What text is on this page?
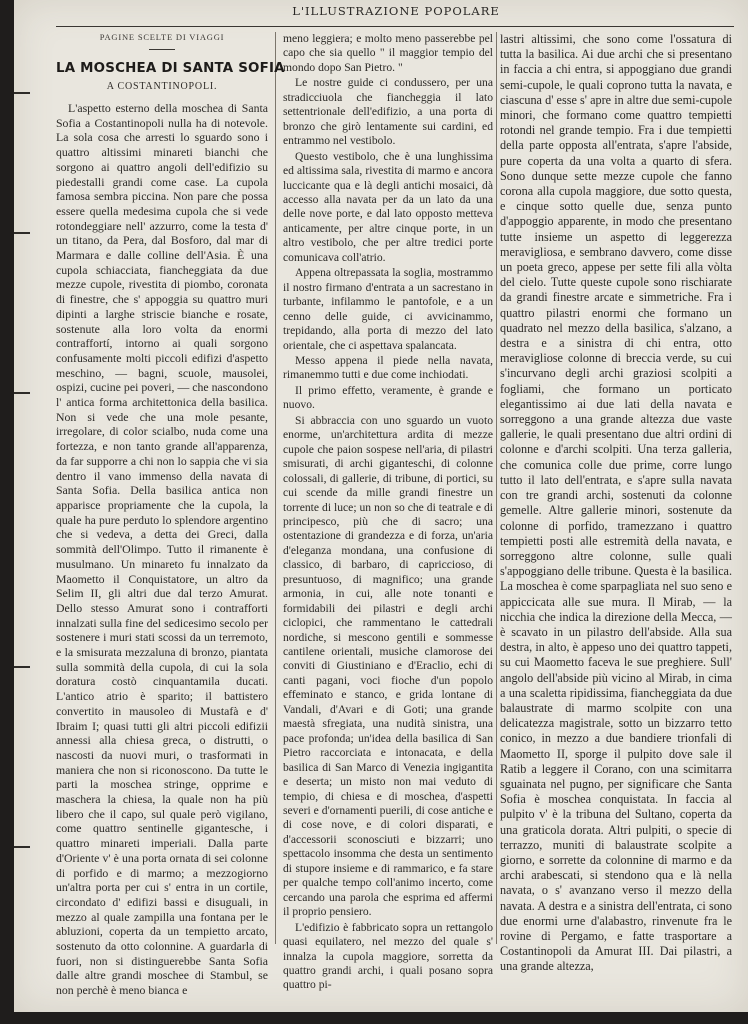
L'ILLUSTRAZIONE POPOLARE
PAGINE SCELTE DI VIAGGI
LA MOSCHEA DI SANTA SOFIA
A COSTANTINOPOLI.

L'aspetto esterno della moschea di Santa Sofia a Costantinopoli nulla ha di notevole. La sola cosa che arresti lo sguardo sono i quattro altissimi minareti bianchi che sorgono ai quattro angoli dell'edifizio su piedestalli grandi come case. La cupola famosa sembra piccina. Non pare che possa essere quella medesima cupola che si vede rotondeggiare nell' azzurro, come la testa d' un titano, da Pera, dal Bosforo, dal mar di Marmara e dalle colline dell'Asia. È una cupola schiacciata, fiancheggiata da due mezze cupole, rivestita di piombo, coronata di finestre, che s' appoggia su quattro muri dipinti a larghe striscie bianche e rosate, sostenute alla loro volta da enormi contraffortí, intorno ai quali sorgono confusamente molti piccoli edifizi d'aspetto meschino, — bagni, scuole, mausolei, ospizi, cucine pei poveri, — che nascondono l' antica forma architettonica della basilica. Non si vede che una mole pesante, irregolare, di color scialbo, nuda come una fortezza, e non tanto grande all'apparenza, da far supporre a chi non lo sappia che vi sia dentro il vano immenso della navata di Santa Sofia. Della basilica antica non apparisce propriamente che la cupola, la quale ha pure perduto lo splendore argentino che si vedeva, a detta dei Greci, dalla sommità dell'Olimpo. Tutto il rimanente è musulmano. Un minareto fu innalzato da Maometto il Conquistatore, un altro da Selim II, gli altri due dal terzo Amurat. Dello stesso Amurat sono i contrafforti innalzati sulla fine del sedicesimo secolo per sostenere i muri stati scossi da un terremoto, e la smisurata mezzaluna di bronzo, piantata sulla sommità della cupola, di cui la sola doratura costò cinquantamila ducati. L'antico atrio è sparito; il battistero convertito in mausoleo di Mustafà e d' Ibraim I; quasi tutti gli altri piccoli edifizii annessi alla chiesa greca, o distrutti, o nascosti da nuovi muri, o trasformati in maniera che non si riconoscono. Da tutte le parti la moschea stringe, opprime e maschera la chiesa, la quale non ha più libero che il capo, sul quale però vigilano, come quattro sentinelle gigantesche, i quattro minareti imperiali. Dalla parte d'Oriente v' è una porta ornata di sei colonne di porfido e di marmo; a mezzogiorno un'altra porta per cui s' entra in un cortile, circondato d' edifizi bassi e disuguali, in mezzo al quale zampilla una fontana per le abluzioni, coperta da un tempietto arcato, sostenuto da otto colonnine. A guardarla di fuori, non si distinguerebbe Santa Sofia dalle altre grandi moschee di Stambul, se non perchè è meno bianca e

meno leggiera; e molto meno passerebbe pel capo che sia quello " il maggior tempio del mondo dopo San Pietro. "

Le nostre guide ci condussero, per una stradicciuola che fiancheggia il lato settentrionale dell'edifizio, a una porta di bronzo che girò lentamente sui cardini, ed entrammo nel vestibolo.

Questo vestibolo, che è una lunghissima ed altissima sala, rivestita di marmo e ancora luccicante qua e là degli antichi mosaici, dà accesso alla navata per da un lato da una delle nove porte, e dal lato opposto metteva anticamente, per altre cinque porte, in un altro vestibolo, che per altre tredici porte comunicava coll'atrio.

Appena oltrepassata la soglia, mostrammo il nostro firmano d'entrata a un sacrestano in turbante, infilammo le pantofole, e a un cenno delle guide, ci avvicinammo, trepidando, alla porta di mezzo del lato orientale, che ci aspettava spalancata.

Messo appena il piede nella navata, rimanemmo tutti e due come inchiodati.

Il primo effetto, veramente, è grande e nuovo.

Si abbraccia con uno sguardo un vuoto enorme, un'architettura ardita di mezze cupole che paion sospese nell'aria, di pilastri smisurati, di archi giganteschi, di colonne colossali, di gallerie, di tribune, di portici, su cui scende da mille grandi finestre un torrente di luce; un non so che di teatrale e di principesco, più che di sacro; una ostentazione di grandezza e di forza, un'aria d'eleganza mondana, una confusione di classico, di barbaro, di capriccioso, di presuntuoso, di magnifico; una grande armonia, in cui, alle note tonanti e formidabili dei pilastri e degli archi ciclopici, che rammentano le cattedrali nordiche, si mescono gentili e sommesse cantilene orientali, musiche clamorose dei conviti di Giustiniano e d'Eraclio, echi di canti pagani, voci fioche d'un popolo effeminato e stanco, e grida lontane di Vandali, d'Avari e di Goti; una grande maestà sfregiata, una nudità sinistra, una pace profonda; un'idea della basilica di San Pietro raccorciata e intonacata, e della basilica di San Marco di Venezia ingigantita e deserta; un misto non mai veduto di tempio, di chiesa e di moschea, d'aspetti severi e d'ornamenti puerili, di cose antiche e di cose nove, e di colori disparati, e d'accessorii sconosciuti e bizzarri; uno spettacolo insomma che desta un sentimento di stupore insieme e di rammarico, e fa stare per qualche tempo coll'animo incerto, come cercando una parola che esprima ed affermi il proprio pensiero.

L'edifizio è fabbricato sopra un rettangolo quasi equilatero, nel mezzo del quale s' innalza la cupola maggiore, sorretta da quattro grandi archi, i quali posano sopra quattro pi-

lastri altissimi, che sono come l'ossatura di tutta la basilica. Ai due archi che si presentano in faccia a chi entra, si appoggiano due grandi semi-cupole, le quali coprono tutta la navata, e ciascuna d' esse s' apre in altre due semi-cupole minori, che formano come quattro tempietti rotondi nel grande tempio. Fra i due tempietti della parte opposta all'entrata, s'apre l'abside, pure coperta da una volta a quarto di sfera. Sono dunque sette mezze cupole che fanno corona alla cupola maggiore, due sotto questa, e cinque sotto quelle due, senza punto d'appoggio apparente, in modo che presentano tutte insieme un aspetto di leggerezza meravigliosa, e sembrano davvero, come disse un poeta greco, appese per sette fili alla vòlta del cielo. Tutte queste cupole sono rischiarate da grandi finestre arcate e simmetriche. Fra i quattro pilastri enormi che formano un quadrato nel mezzo della basilica, s'alzano, a destra e a sinistra di chi entra, otto meravigliose colonne di breccia verde, su cui s'incurvano degli archi graziosi scolpiti a fogliami, che formano un porticato elegantissimo ai due lati della navata e sorreggono a una grande altezza due vaste gallerie, le quali presentano due altri ordini di colonne e d'archi scolpiti. Una terza galleria, che comunica colle due prime, corre lungo tutto il lato dell'entrata, e s'apre sulla navata con tre grandi archi, sostenuti da colonne gemelle. Altre gallerie minori, sostenute da colonne di porfido, tramezzano i quattro tempietti posti alle estremità della navata, e sorreggono altre colonne, sulle quali s'appoggiano delle tribune. Questa è la basilica. La moschea è come sparpagliata nel suo seno e appiccicata alle sue mura. Il Mirab, — la nicchia che indica la direzione della Mecca, — è scavato in un pilastro dell'abside. Alla sua destra, in alto, è appeso uno dei quattro tappeti, su cui Maometto faceva le sue preghiere. Sull' angolo dell'abside più vicino al Mirab, in cima a una scaletta ripidissima, fiancheggiata da due balaustrate di marmo scolpite con una delicatezza magistrale, sotto un bizzarro tetto conico, in mezzo a due bandiere trionfali di Maometto II, sporge il pulpito dove sale il Ratib a leggere il Corano, con una scimitarra sguainata nel pugno, per significare che Santa Sofia è moschea conquistata. In faccia al pulpito v' è la tribuna del Sultano, coperta da una graticola dorata. Altri pulpiti, o specie di terrazzo, muniti di balaustrate scolpite a giorno, e sorrette da colonnine di marmo e da archi arabescati, si stendono qua e là nella navata, o s' avanzano verso il mezzo della navata. A destra e a sinistra dell'entrata, ci sono due enormi urne d'alabastro, rinvenute fra le rovine di Pergamo, e fatte trasportare a Costantinopoli da Amurat III. Dai pilastri, a una grande altezza,
